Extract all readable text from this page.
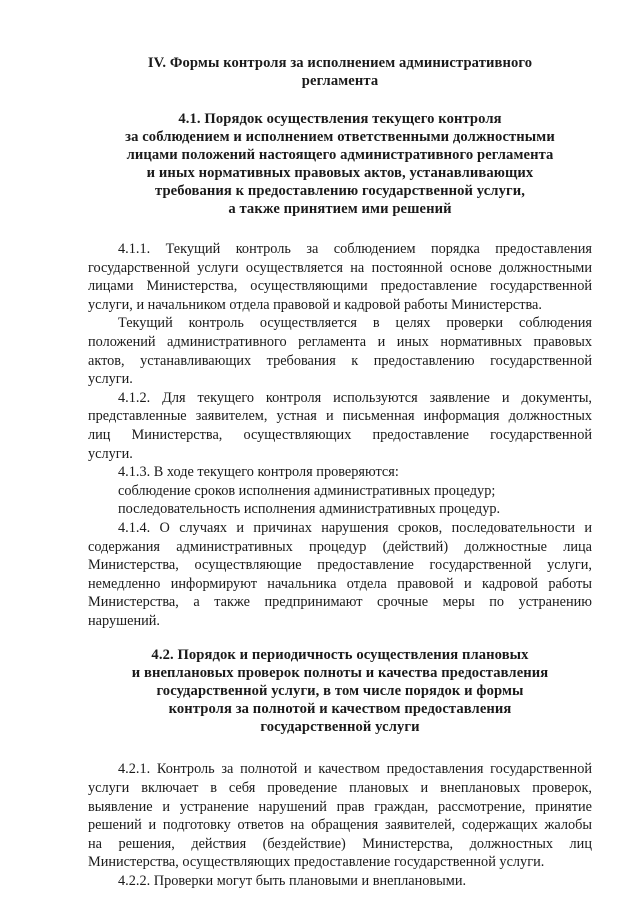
IV. Формы контроля за исполнением административного
регламента
4.1. Порядок осуществления текущего контроля
за соблюдением и исполнением ответственными должностными
лицами положений настоящего административного регламента
и иных нормативных правовых актов, устанавливающих
требования к предоставлению государственной услуги,
а также принятием ими решений

4.1.1. Текущий контроль за соблюдением порядка предоставления
государственной услуги осуществляется на постоянной основе должностными
лицами Министерства, осуществляющими предоставление государственной
услуги, и начальником отдела правовой и кадровой работы Министерства.

Текущий контроль осуществляется в целях проверки соблюдения
положений административного регламента и иных нормативных правовых
актов, устанавливающих требования к предоставлению государственной
услуги.

4.1.2. Для текущего контроля используются заявление и документы,
представленные заявителем, устная и письменная информация должностных
лиц Министерства, осуществляющих предоставление государственной
услуги.

4.1.3. В ходе текущего контроля проверяются:

соблюдение сроков исполнения административных процедур;

последовательность исполнения административных процедур.

4.1.4. О случаях и причинах нарушения сроков, последовательности и
содержания административных процедур (действий) должностные лица
Министерства, осуществляющие предоставление государственной услуги,
немедленно информируют начальника отдела правовой и кадровой работы
Министерства, а также предпринимают срочные меры по устранению
нарушений.

4.2. Порядок и периодичность осуществления плановых
и внеплановых проверок полноты и качества предоставления
государственной услуги, в том числе порядок и формы
контроля за полнотой и качеством предоставления
государственной услуги

4.2.1. Контроль за полнотой и качеством предоставления государственной
услуги включает в себя проведение плановых и внеплановых проверок,
выявление и устранение нарушений прав граждан, рассмотрение, принятие
решений и подготовку ответов на обращения заявителей, содержащих жалобы
на решения, действия (бездействие) Министерства, должностных лиц
Министерства, осуществляющих предоставление государственной услуги.

4.2.2. Проверки могут быть плановыми и внеплановыми.
